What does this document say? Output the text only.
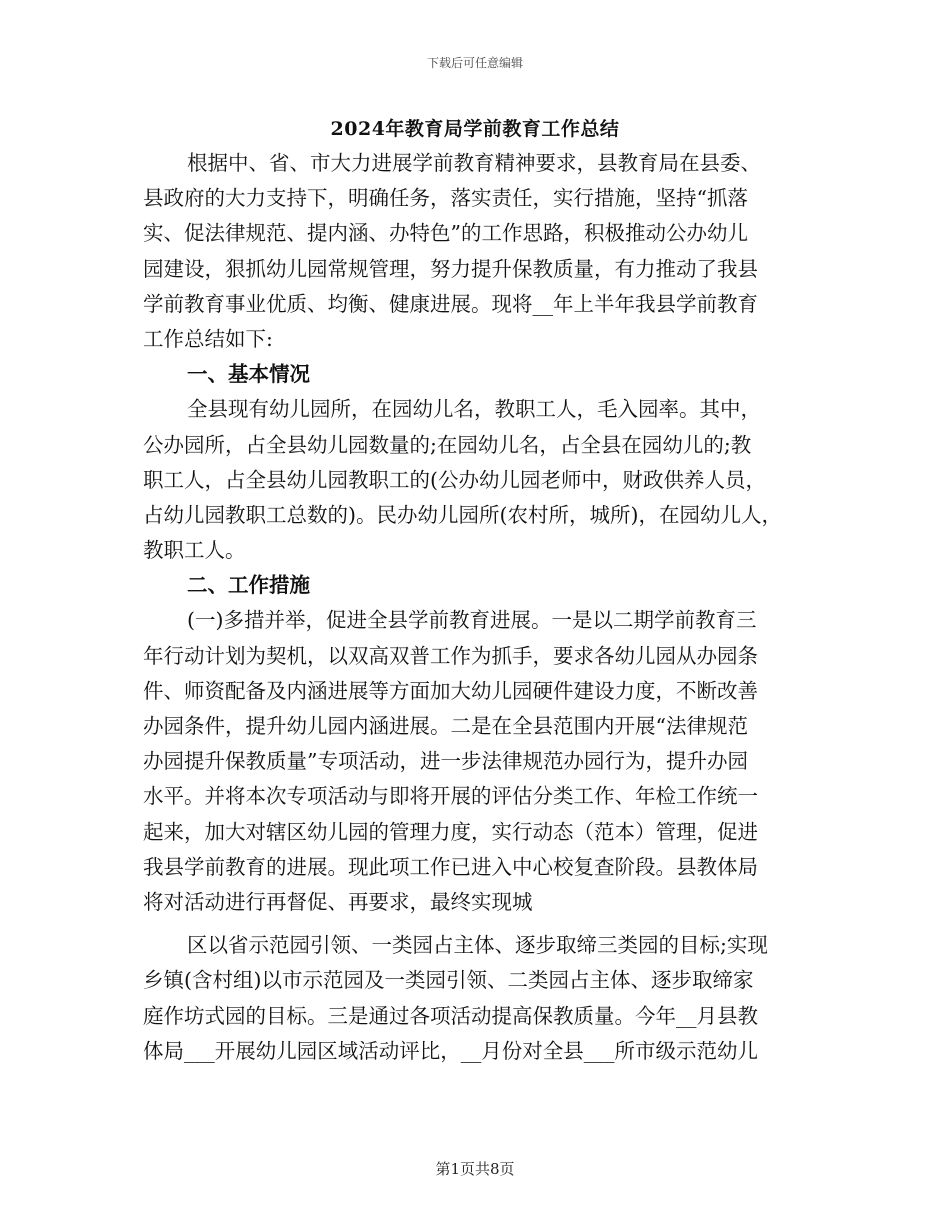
下载后可任意编辑
2024年教育局学前教育工作总结
根据中、省、市大力进展学前教育精神要求，县教育局在县委、
县政府的大力支持下，明确任务，落实责任，实行措施，坚持“抓落
实、促法律规范、提内涵、办特色”的工作思路，积极推动公办幼儿
园建设，狠抓幼儿园常规管理，努力提升保教质量，有力推动了我县
学前教育事业优质、均衡、健康进展。现将__年上半年我县学前教育
工作总结如下:
一、基本情况
全县现有幼儿园所，在园幼儿名，教职工人，毛入园率。其中，
公办园所，占全县幼儿园数量的;在园幼儿名，占全县在园幼儿的;教
职工人，占全县幼儿园教职工的(公办幼儿园老师中，财政供养人员，
占幼儿园教职工总数的)。民办幼儿园所(农村所，城所)，在园幼儿人，
教职工人。
二、工作措施
(一)多措并举，促进全县学前教育进展。一是以二期学前教育三
年行动计划为契机，以双高双普工作为抓手，要求各幼儿园从办园条
件、师资配备及内涵进展等方面加大幼儿园硬件建设力度，不断改善
办园条件，提升幼儿园内涵进展。二是在全县范围内开展“法律规范
办园提升保教质量”专项活动，进一步法律规范办园行为，提升办园
水平。并将本次专项活动与即将开展的评估分类工作、年检工作统一
起来，加大对辖区幼儿园的管理力度，实行动态（范本）管理，促进
我县学前教育的进展。现此项工作已进入中心校复查阶段。县教体局
将对活动进行再督促、再要求，最终实现城
区以省示范园引领、一类园占主体、逐步取缔三类园的目标;实现
乡镇(含村组)以市示范园及一类园引领、二类园占主体、逐步取缔家
庭作坊式园的目标。三是通过各项活动提高保教质量。今年__月县教
体局___开展幼儿园区域活动评比，__月份对全县___所市级示范幼儿
第1页共8页
